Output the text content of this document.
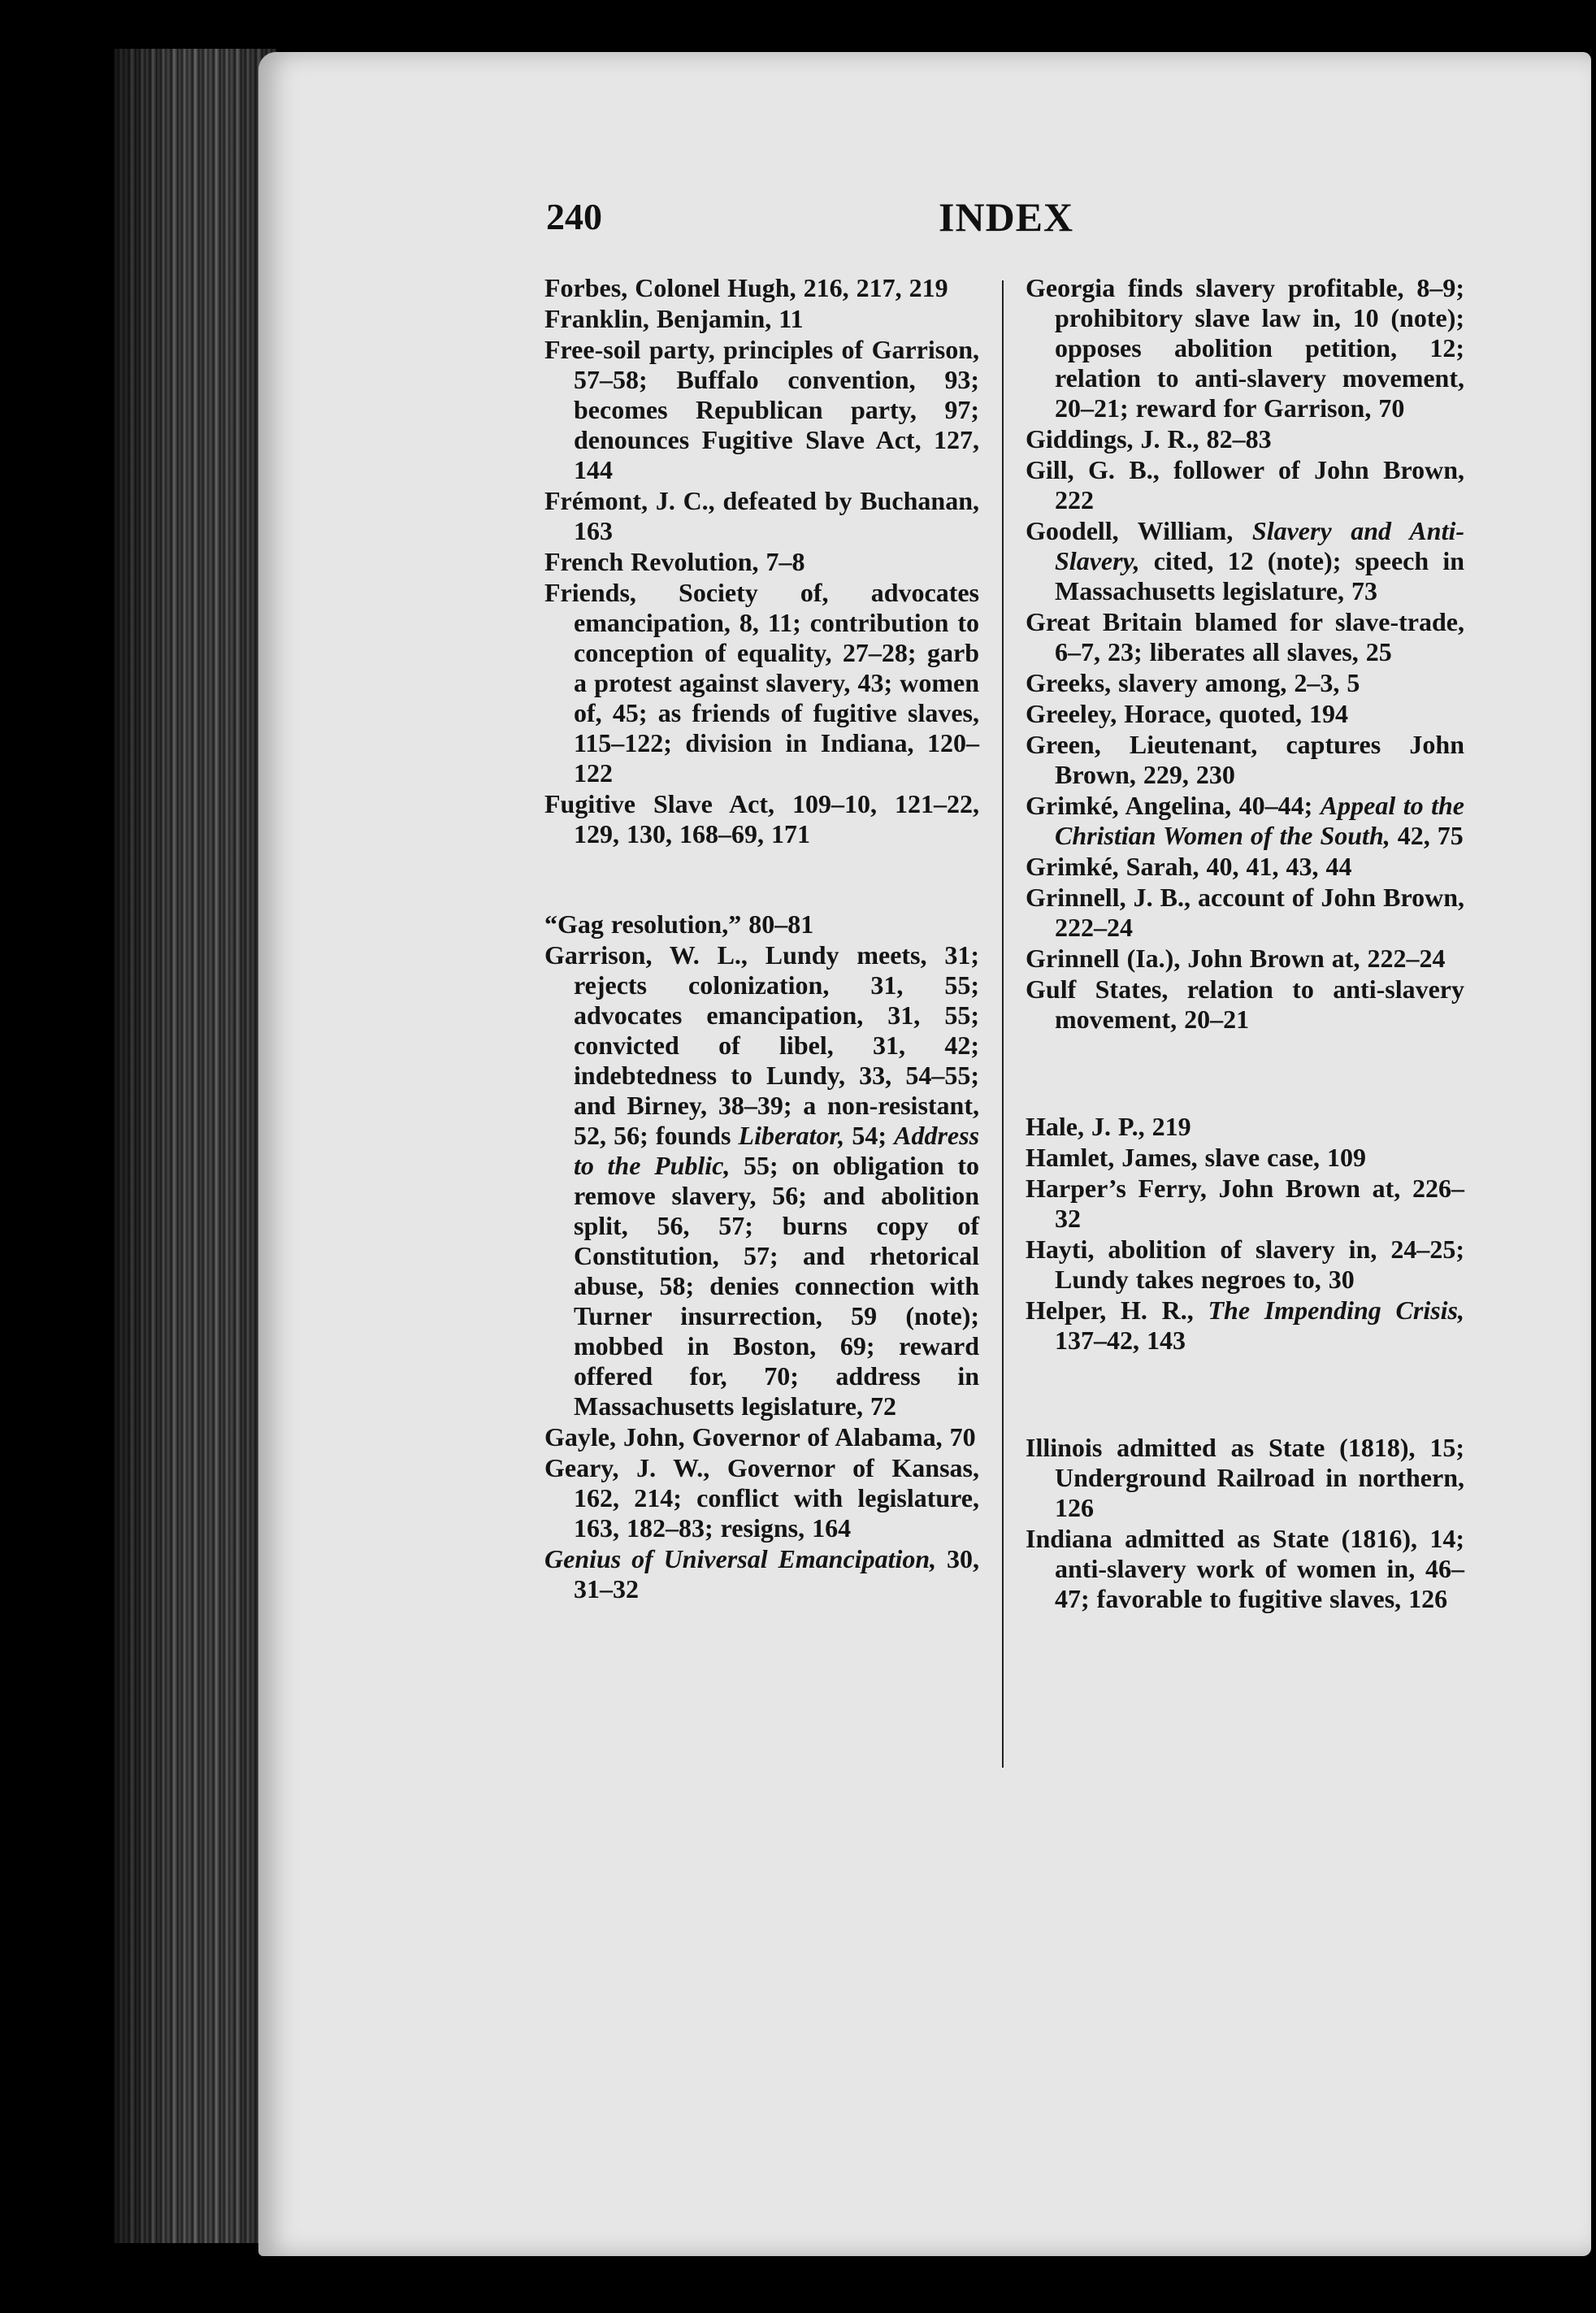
240	INDEX

Forbes, Colonel Hugh, 216, 217, 219

Franklin, Benjamin, 11

Free-soil party, principles of Garrison, 57–58; Buffalo convention, 93; becomes Republican party, 97; denounces Fugitive Slave Act, 127, 144

Frémont, J. C., defeated by Buchanan, 163

French Revolution, 7–8

Friends, Society of, advocates emancipation, 8, 11; contribution to conception of equality, 27–28; garb a protest against slavery, 43; women of, 45; as friends of fugitive slaves, 115–122; division in Indiana, 120–122

Fugitive Slave Act, 109–10, 121–22, 129, 130, 168–69, 171

“Gag resolution,” 80–81

Garrison, W. L., Lundy meets, 31; rejects colonization, 31, 55; advocates emancipation, 31, 55; convicted of libel, 31, 42; indebtedness to Lundy, 33, 54–55; and Birney, 38–39; a non-resistant, 52, 56; founds Liberator, 54; Address to the Public, 55; on obligation to remove slavery, 56; and abolition split, 56, 57; burns copy of Constitution, 57; and rhetorical abuse, 58; denies connection with Turner insurrection, 59 (note); mobbed in Boston, 69; reward offered for, 70; address in Massachusetts legislature, 72

Gayle, John, Governor of Alabama, 70

Geary, J. W., Governor of Kansas, 162, 214; conflict with legislature, 163, 182–83; resigns, 164

Genius of Universal Emancipation, 30, 31–32

Georgia finds slavery profitable, 8–9; prohibitory slave law in, 10 (note); opposes abolition petition, 12; relation to anti-slavery movement, 20–21; reward for Garrison, 70

Giddings, J. R., 82–83

Gill, G. B., follower of John Brown, 222

Goodell, William, Slavery and Anti-Slavery, cited, 12 (note); speech in Massachusetts legislature, 73

Great Britain blamed for slave-trade, 6–7, 23; liberates all slaves, 25

Greeks, slavery among, 2–3, 5

Greeley, Horace, quoted, 194

Green, Lieutenant, captures John Brown, 229, 230

Grimké, Angelina, 40–44; Appeal to the Christian Women of the South, 42, 75

Grimké, Sarah, 40, 41, 43, 44

Grinnell, J. B., account of John Brown, 222–24

Grinnell (Ia.), John Brown at, 222–24

Gulf States, relation to anti-slavery movement, 20–21

Hale, J. P., 219

Hamlet, James, slave case, 109

Harper’s Ferry, John Brown at, 226–32

Hayti, abolition of slavery in, 24–25; Lundy takes negroes to, 30

Helper, H. R., The Impending Crisis, 137–42, 143

Illinois admitted as State (1818), 15; Underground Railroad in northern, 126

Indiana admitted as State (1816), 14; anti-slavery work of women in, 46–47; favorable to fugitive slaves, 126
